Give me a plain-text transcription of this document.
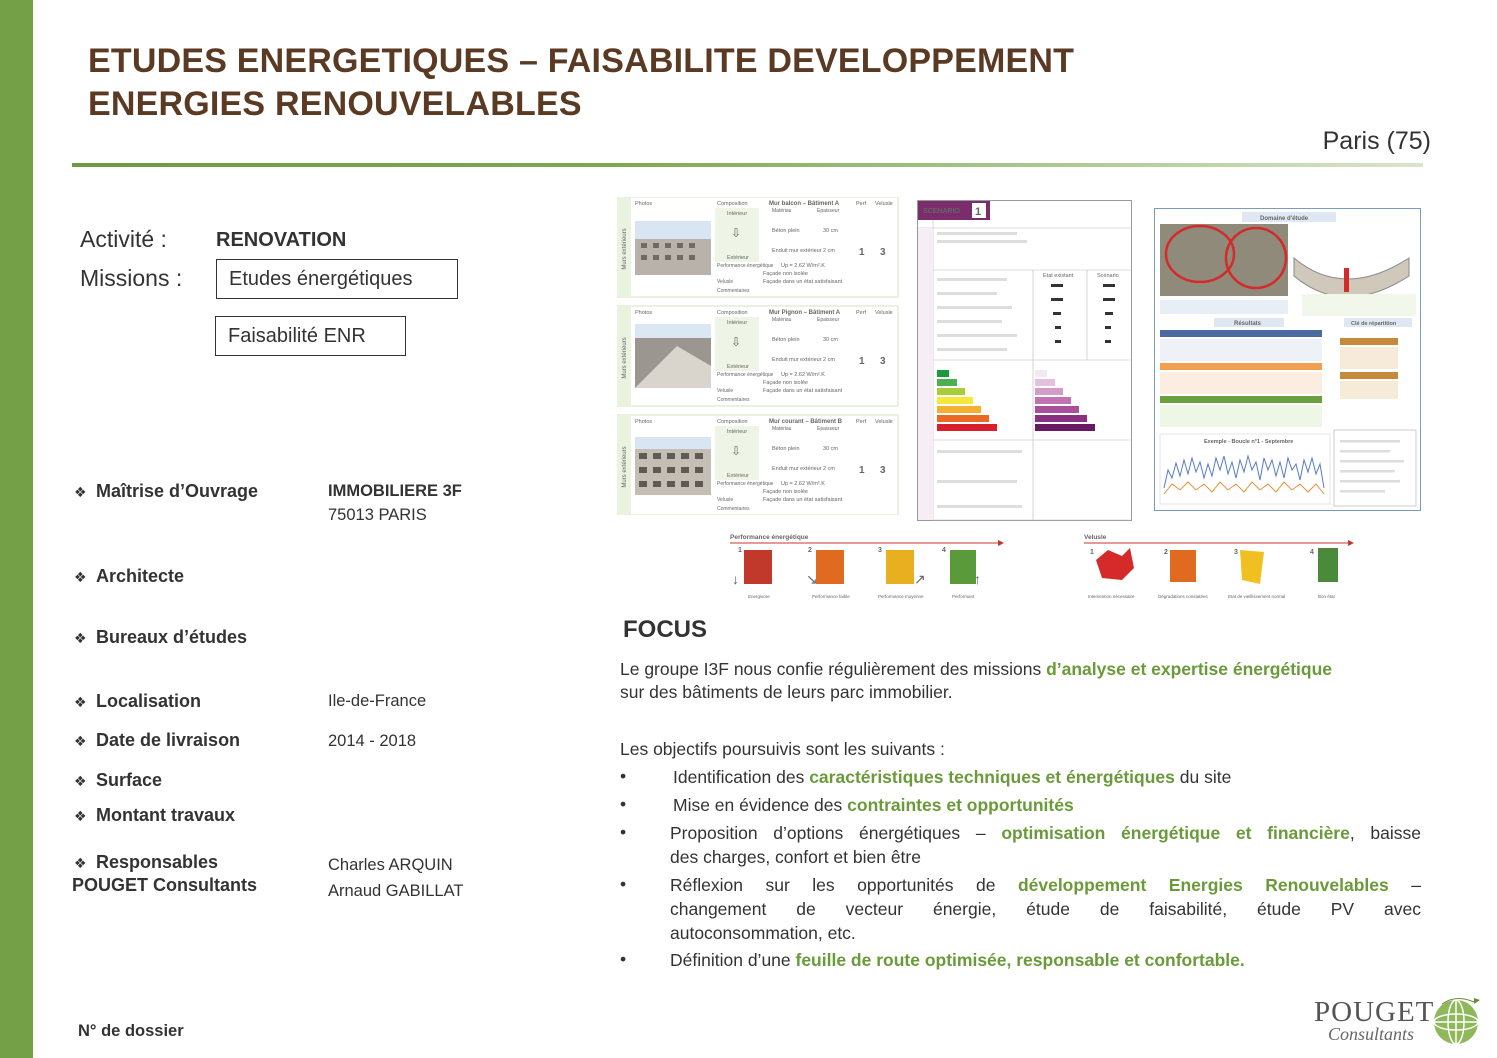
ETUDES ENERGETIQUES – FAISABILITE DEVELOPPEMENT
ENERGIES RENOUVELABLES
Paris (75)
Activité : RENOVATION
Missions :	Etudes énergétiques
Faisabilité ENR
❖ Maîtrise d’Ouvrage	IMMOBILIERE 3F
75013 PARIS
❖ Architecte
❖ Bureaux d’études
❖ Localisation	Ile-de-France
❖ Date de livraison	2014 - 2018
❖ Surface
❖ Montant travaux
❖ Responsables
POUGET Consultants
Charles ARQUIN
Arnaud GABILLAT
Murs extérieurs
Photos	Composition	Mur balcon – Bâtiment A	Perf Velusle
Intérieur
⇩
Extérieur
Matériau	Epaisseur
Béton plein	30 cm
Enduit mur extérieur 2 cm
Performance énergétique Up = 2.62 W/m².K
Façade non isolée
Velusle	Façade dans un état satisfaisant
Commentaires
1 3
Murs extérieurs
Photos	Composition	Mur Pignon – Bâtiment A	Perf Velusle
Intérieur
⇩
Extérieur
Matériau	Epaisseur
Béton plein	30 cm
Enduit mur extérieur 2 cm
Performance énergétique Up = 2.62 W/m².K
Façade non isolée
Velusle	Façade dans un état satisfaisant
Commentaires
1 3
Murs extérieurs
Photos	Composition	Mur courant – Bâtiment B	Perf Velusle
Intérieur
⇩
Extérieur
Matériau	Epaisseur
Béton plein	30 cm
Enduit mur extérieur 2 cm
Performance énergétique Up = 2.62 W/m².K
Façade non isolée
Velusle	Façade dans un état satisfaisant
Commentaires
1 3
SCENARIO 1
Etat existant	Scénario
Domaine d'étude
Résultats	Clé de répartition
Exemple - Boucle n°1 - Septembre
Performance énergétique
1
↓
Energivore
2
↘
Performance faible
3
↗
Performance moyenne
4
↑
Performant
Velusle
1
Intervention nécessaire
2
Dégradations constatées
3
Etat de vieillissement normal
4
Bon état
FOCUS
Le groupe I3F nous confie régulièrement des missions d’analyse et expertise énergétique
sur des bâtiments de leurs parc immobilier.
Les objectifs poursuivis sont les suivants :
•	Identification des caractéristiques techniques et énergétiques du site
•	Mise en évidence des contraintes et opportunités
•	Proposition d’options énergétiques – optimisation énergétique et financière, baisse
des charges, confort et bien être
•	Réflexion sur les opportunités de développement Energies Renouvelables –
changement de vecteur énergie, étude de faisabilité, étude PV avec
autoconsommation, etc.
•	Définition d’une feuille de route optimisée, responsable et confortable.
N° de dossier
POUGET
Consultants
